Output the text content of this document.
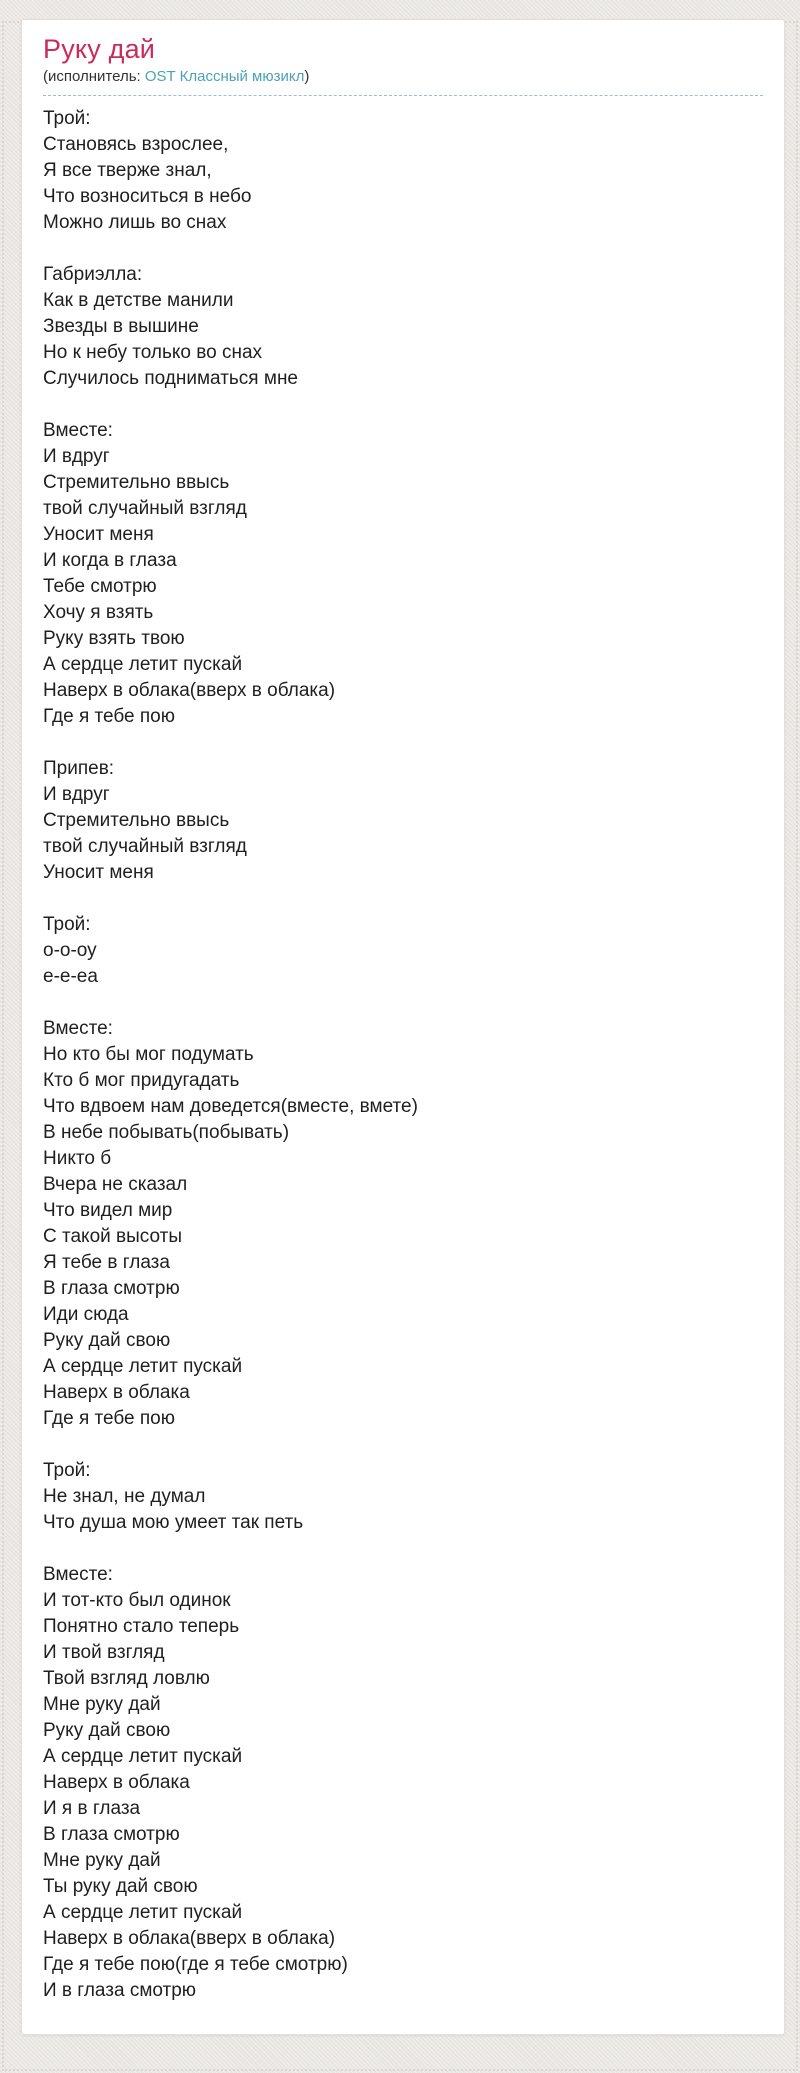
Руку дай
(исполнитель: OST Классный мюзикл)
Трой:
Становясь взрослее,
Я все тверже знал,
Что возноситься в небо
Можно лишь во снах
Габриэлла:
Как в детстве манили
Звезды в вышине
Но к небу только во снах
Случилось подниматься мне
Вместе:
И вдруг
Стремительно ввысь
твой случайный взгляд
Уносит меня
И когда в глаза
Тебе смотрю
Хочу я взять
Руку взять твою
А сердце летит пускай
Наверх в облака(вверх в облака)
Где я тебе пою
Припев:
И вдруг
Стремительно ввысь
твой случайный взгляд
Уносит меня
Трой:
о-о-оу
е-е-еа
Вместе:
Но кто бы мог подумать
Кто б мог придугадать
Что вдвоем нам доведется(вместе, вмете)
В небе побывать(побывать)
Никто б
Вчера не сказал
Что видел мир
С такой высоты
Я тебе в глаза
В глаза смотрю
Иди сюда
Руку дай свою
А сердце летит пускай
Наверх в облака
Где я тебе пою
Трой:
Не знал, не думал
Что душа мою умеет так петь
Вместе:
И тот-кто был одинок
Понятно стало теперь
И твой взгляд
Твой взгляд ловлю
Мне руку дай
Руку дай свою
А сердце летит пускай
Наверх в облака
И я в глаза
В глаза смотрю
Мне руку дай
Ты руку дай свою
А сердце летит пускай
Наверх в облака(вверх в облака)
Где я тебе пою(где я тебе смотрю)
И в глаза смотрю
